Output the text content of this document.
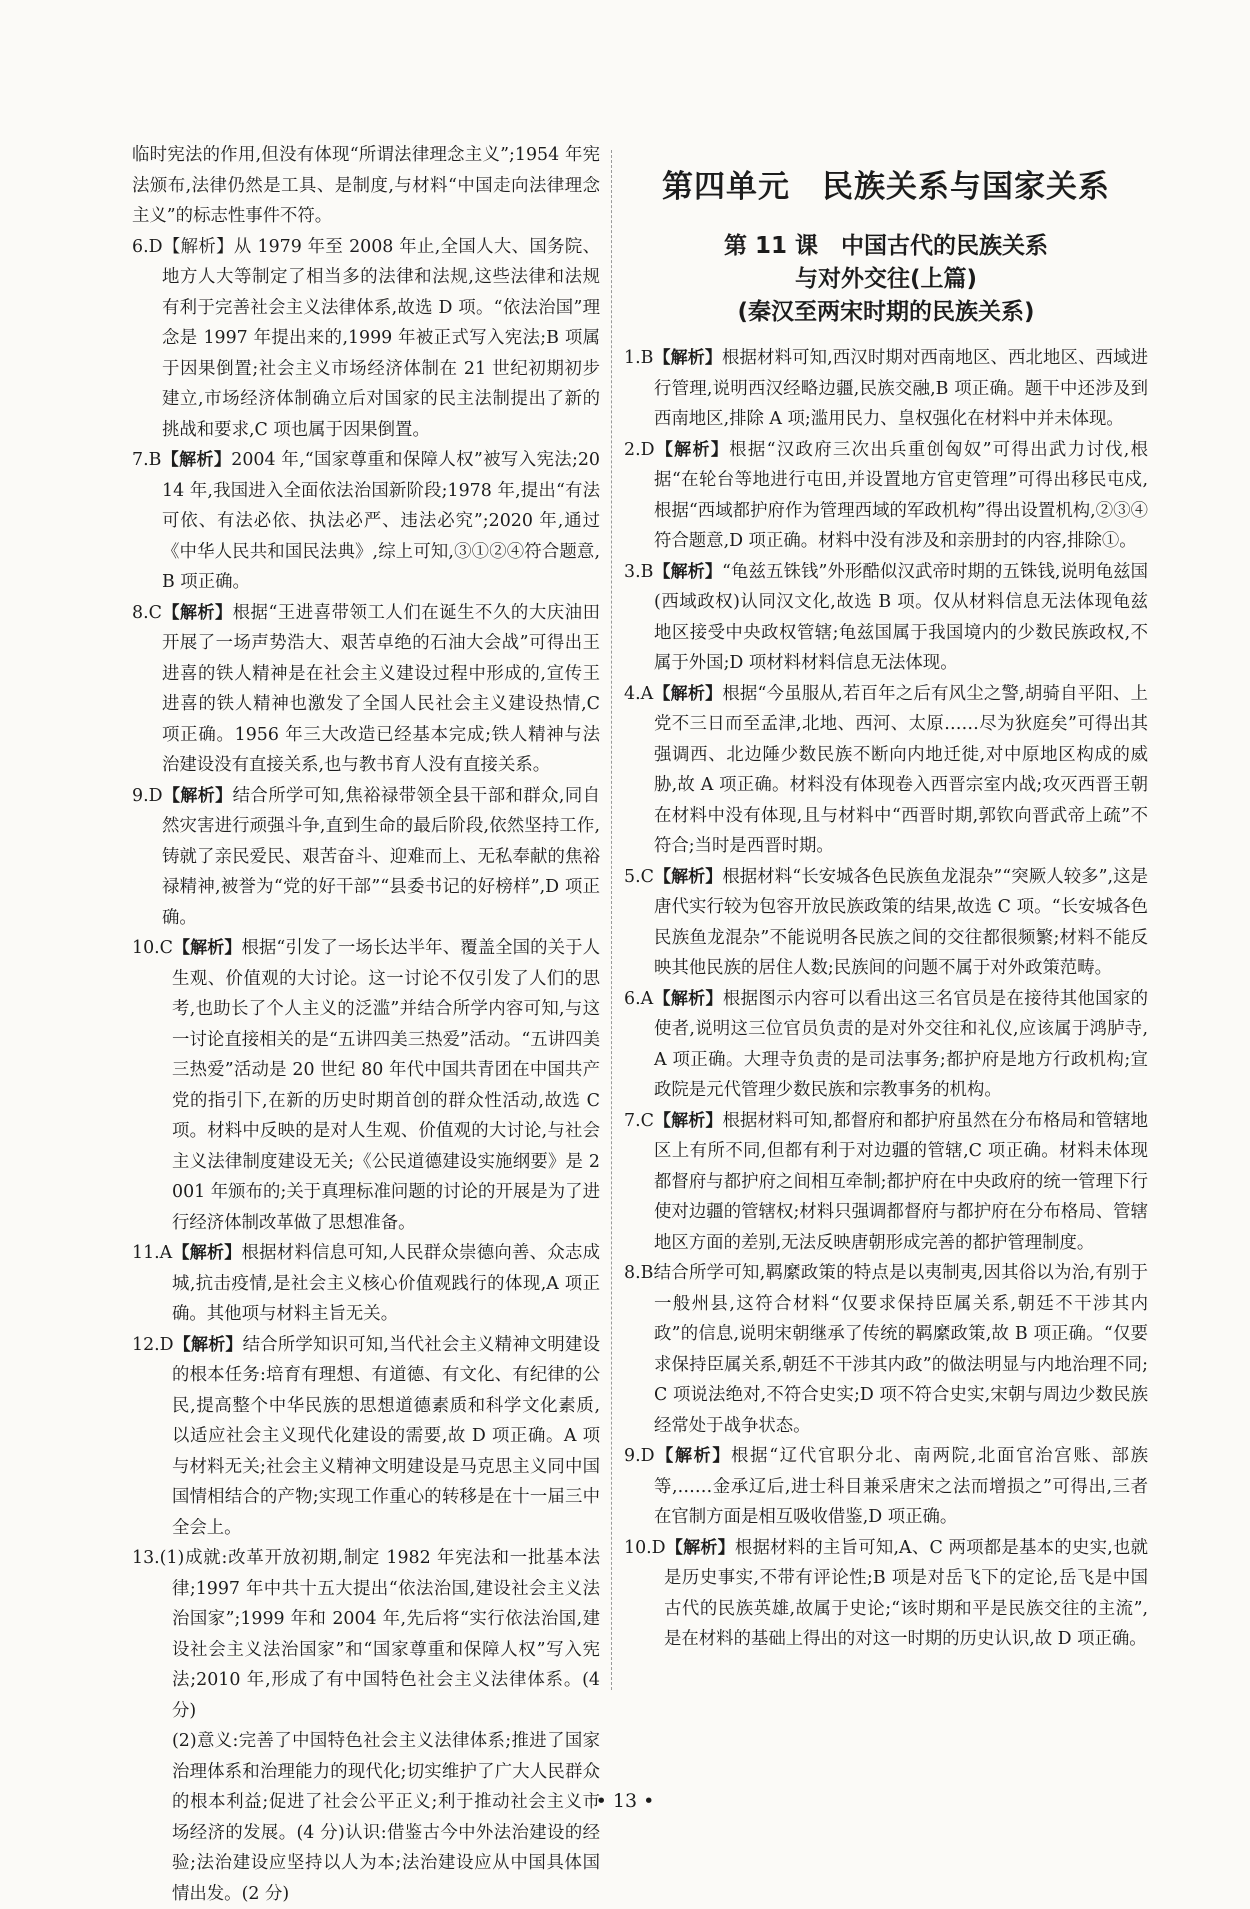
临时宪法的作用,但没有体现“所谓法律理念主义”;1954 年宪法颁布,法律仍然是工具、是制度,与材料“中国走向法律理念主义”的标志性事件不符。

6.D【解析】从 1979 年至 2008 年止,全国人大、国务院、地方人大等制定了相当多的法律和法规,这些法律和法规有利于完善社会主义法律体系,故选 D 项。“依法治国”理念是 1997 年提出来的,1999 年被正式写入宪法;B 项属于因果倒置;社会主义市场经济体制在 21 世纪初期初步建立,市场经济体制确立后对国家的民主法制提出了新的挑战和要求,C 项也属于因果倒置。

7.B【解析】2004 年,“国家尊重和保障人权”被写入宪法;2014 年,我国进入全面依法治国新阶段;1978 年,提出“有法可依、有法必依、执法必严、违法必究”;2020 年,通过《中华人民共和国民法典》,综上可知,③①②④符合题意,B 项正确。

8.C【解析】根据“王进喜带领工人们在诞生不久的大庆油田开展了一场声势浩大、艰苦卓绝的石油大会战”可得出王进喜的铁人精神是在社会主义建设过程中形成的,宣传王进喜的铁人精神也激发了全国人民社会主义建设热情,C 项正确。1956 年三大改造已经基本完成;铁人精神与法治建设没有直接关系,也与教书育人没有直接关系。

9.D【解析】结合所学可知,焦裕禄带领全县干部和群众,同自然灾害进行顽强斗争,直到生命的最后阶段,依然坚持工作,铸就了亲民爱民、艰苦奋斗、迎难而上、无私奉献的焦裕禄精神,被誉为“党的好干部”“县委书记的好榜样”,D 项正确。

10.C【解析】根据“引发了一场长达半年、覆盖全国的关于人生观、价值观的大讨论。这一讨论不仅引发了人们的思考,也助长了个人主义的泛滥”并结合所学内容可知,与这一讨论直接相关的是“五讲四美三热爱”活动。“五讲四美三热爱”活动是 20 世纪 80 年代中国共青团在中国共产党的指引下,在新的历史时期首创的群众性活动,故选 C 项。材料中反映的是对人生观、价值观的大讨论,与社会主义法律制度建设无关;《公民道德建设实施纲要》是 2001 年颁布的;关于真理标准问题的讨论的开展是为了进行经济体制改革做了思想准备。

11.A【解析】根据材料信息可知,人民群众崇德向善、众志成城,抗击疫情,是社会主义核心价值观践行的体现,A 项正确。其他项与材料主旨无关。

12.D【解析】结合所学知识可知,当代社会主义精神文明建设的根本任务:培育有理想、有道德、有文化、有纪律的公民,提高整个中华民族的思想道德素质和科学文化素质,以适应社会主义现代化建设的需要,故 D 项正确。A 项与材料无关;社会主义精神文明建设是马克思主义同中国国情相结合的产物;实现工作重心的转移是在十一届三中全会上。

13.(1)成就:改革开放初期,制定 1982 年宪法和一批基本法律;1997 年中共十五大提出“依法治国,建设社会主义法治国家”;1999 年和 2004 年,先后将“实行依法治国,建设社会主义法治国家”和“国家尊重和保障人权”写入宪法;2010 年,形成了有中国特色社会主义法律体系。(4 分)

(2)意义:完善了中国特色社会主义法律体系;推进了国家治理体系和治理能力的现代化;切实维护了广大人民群众的根本利益;促进了社会公平正义;利于推动社会主义市场经济的发展。(4 分)认识:借鉴古今中外法治建设的经验;法治建设应坚持以人为本;法治建设应从中国具体国情出发。(2 分)

第四单元　民族关系与国家关系
第 11 课　中国古代的民族关系
与对外交往(上篇)
(秦汉至两宋时期的民族关系)

1.B【解析】根据材料可知,西汉时期对西南地区、西北地区、西域进行管理,说明西汉经略边疆,民族交融,B 项正确。题干中还涉及到西南地区,排除 A 项;滥用民力、皇权强化在材料中并未体现。

2.D【解析】根据“汉政府三次出兵重创匈奴”可得出武力讨伐,根据“在轮台等地进行屯田,并设置地方官吏管理”可得出移民屯戍,根据“西域都护府作为管理西域的军政机构”得出设置机构,②③④符合题意,D 项正确。材料中没有涉及和亲册封的内容,排除①。

3.B【解析】“龟兹五铢钱”外形酷似汉武帝时期的五铢钱,说明龟兹国(西域政权)认同汉文化,故选 B 项。仅从材料信息无法体现龟兹地区接受中央政权管辖;龟兹国属于我国境内的少数民族政权,不属于外国;D 项材料材料信息无法体现。

4.A【解析】根据“今虽服从,若百年之后有风尘之警,胡骑自平阳、上党不三日而至孟津,北地、西河、太原……尽为狄庭矣”可得出其强调西、北边陲少数民族不断向内地迁徙,对中原地区构成的威胁,故 A 项正确。材料没有体现卷入西晋宗室内战;攻灭西晋王朝在材料中没有体现,且与材料中“西晋时期,郭钦向晋武帝上疏”不符合;当时是西晋时期。

5.C【解析】根据材料“长安城各色民族鱼龙混杂”“突厥人较多”,这是唐代实行较为包容开放民族政策的结果,故选 C 项。“长安城各色民族鱼龙混杂”不能说明各民族之间的交往都很频繁;材料不能反映其他民族的居住人数;民族间的问题不属于对外政策范畴。

6.A【解析】根据图示内容可以看出这三名官员是在接待其他国家的使者,说明这三位官员负责的是对外交往和礼仪,应该属于鸿胪寺,A 项正确。大理寺负责的是司法事务;都护府是地方行政机构;宣政院是元代管理少数民族和宗教事务的机构。

7.C【解析】根据材料可知,都督府和都护府虽然在分布格局和管辖地区上有所不同,但都有利于对边疆的管辖,C 项正确。材料未体现都督府与都护府之间相互牵制;都护府在中央政府的统一管理下行使对边疆的管辖权;材料只强调都督府与都护府在分布格局、管辖地区方面的差别,无法反映唐朝形成完善的都护管理制度。

8.B结合所学可知,羁縻政策的特点是以夷制夷,因其俗以为治,有别于一般州县,这符合材料“仅要求保持臣属关系,朝廷不干涉其内政”的信息,说明宋朝继承了传统的羁縻政策,故 B 项正确。“仅要求保持臣属关系,朝廷不干涉其内政”的做法明显与内地治理不同;C 项说法绝对,不符合史实;D 项不符合史实,宋朝与周边少数民族经常处于战争状态。

9.D【解析】根据“辽代官职分北、南两院,北面官治宫账、部族等,……金承辽后,进士科目兼采唐宋之法而增损之”可得出,三者在官制方面是相互吸收借鉴,D 项正确。

10.D【解析】根据材料的主旨可知,A、C 两项都是基本的史实,也就是历史事实,不带有评论性;B 项是对岳飞下的定论,岳飞是中国古代的民族英雄,故属于史论;“该时期和平是民族交往的主流”,是在材料的基础上得出的对这一时期的历史认识,故 D 项正确。

• 13 •
